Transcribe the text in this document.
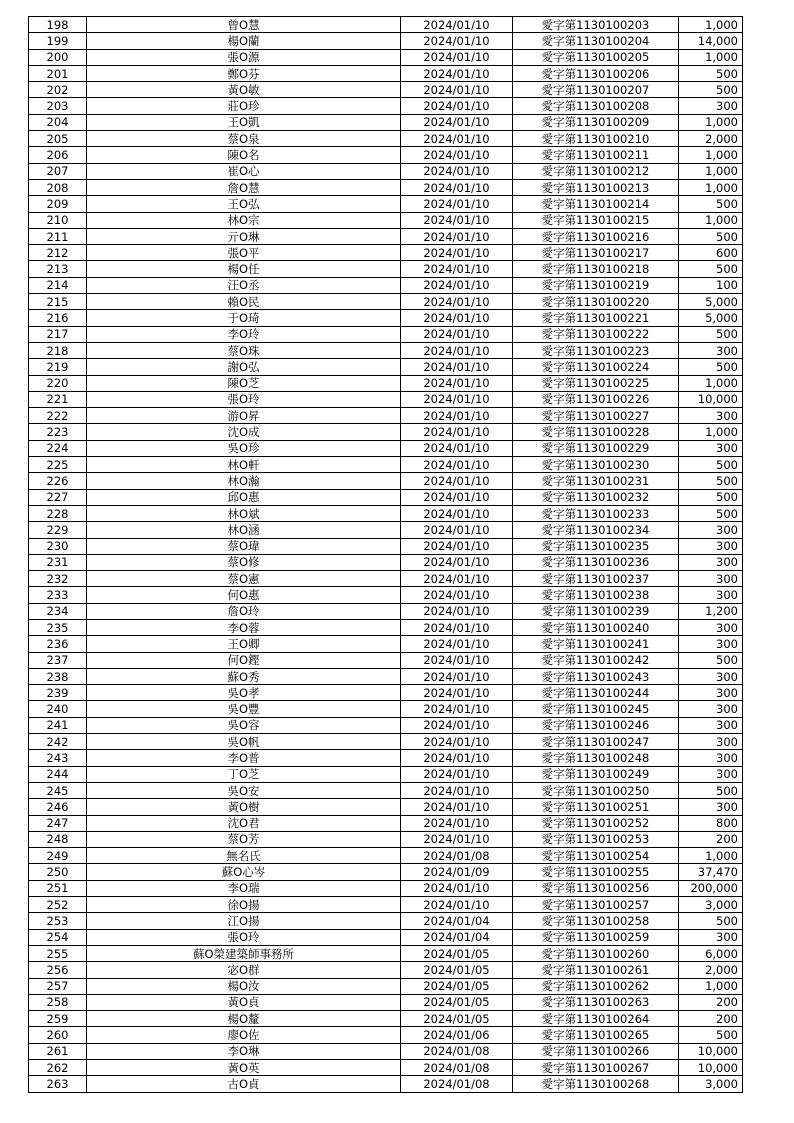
198	曾O慧	2024/01/10	愛字第1130100203	1,000
199	楊O蘭	2024/01/10	愛字第1130100204	14,000
200	張O源	2024/01/10	愛字第1130100205	1,000
201	鄭O芬	2024/01/10	愛字第1130100206	500
202	黃O敏	2024/01/10	愛字第1130100207	500
203	莊O珍	2024/01/10	愛字第1130100208	300
204	王O凱	2024/01/10	愛字第1130100209	1,000
205	蔡O泉	2024/01/10	愛字第1130100210	2,000
206	陳O名	2024/01/10	愛字第1130100211	1,000
207	崔O心	2024/01/10	愛字第1130100212	1,000
208	詹O慧	2024/01/10	愛字第1130100213	1,000
209	王O弘	2024/01/10	愛字第1130100214	500
210	林O宗	2024/01/10	愛字第1130100215	1,000
211	亓O琳	2024/01/10	愛字第1130100216	500
212	張O平	2024/01/10	愛字第1130100217	600
213	楊O任	2024/01/10	愛字第1130100218	500
214	汪O丞	2024/01/10	愛字第1130100219	100
215	賴O民	2024/01/10	愛字第1130100220	5,000
216	于O琦	2024/01/10	愛字第1130100221	5,000
217	李O玲	2024/01/10	愛字第1130100222	500
218	蔡O珠	2024/01/10	愛字第1130100223	300
219	謝O弘	2024/01/10	愛字第1130100224	500
220	陳O芝	2024/01/10	愛字第1130100225	1,000
221	張O玲	2024/01/10	愛字第1130100226	10,000
222	游O昇	2024/01/10	愛字第1130100227	300
223	沈O成	2024/01/10	愛字第1130100228	1,000
224	吳O珍	2024/01/10	愛字第1130100229	300
225	林O軒	2024/01/10	愛字第1130100230	500
226	林O瀚	2024/01/10	愛字第1130100231	500
227	邱O惠	2024/01/10	愛字第1130100232	500
228	林O斌	2024/01/10	愛字第1130100233	500
229	林O涵	2024/01/10	愛字第1130100234	300
230	蔡O瑋	2024/01/10	愛字第1130100235	300
231	蔡O修	2024/01/10	愛字第1130100236	300
232	蔡O憲	2024/01/10	愛字第1130100237	300
233	何O惠	2024/01/10	愛字第1130100238	300
234	詹O玲	2024/01/10	愛字第1130100239	1,200
235	李O蓉	2024/01/10	愛字第1130100240	300
236	王O卿	2024/01/10	愛字第1130100241	300
237	何O鏗	2024/01/10	愛字第1130100242	500
238	蘇O秀	2024/01/10	愛字第1130100243	300
239	吳O孝	2024/01/10	愛字第1130100244	300
240	吳O豐	2024/01/10	愛字第1130100245	300
241	吳O容	2024/01/10	愛字第1130100246	300
242	吳O帆	2024/01/10	愛字第1130100247	300
243	李O普	2024/01/10	愛字第1130100248	300
244	丁O芝	2024/01/10	愛字第1130100249	300
245	吳O安	2024/01/10	愛字第1130100250	500
246	黃O樹	2024/01/10	愛字第1130100251	300
247	沈O君	2024/01/10	愛字第1130100252	800
248	蔡O芳	2024/01/10	愛字第1130100253	200
249	無名氏	2024/01/08	愛字第1130100254	1,000
250	蘇O心岑	2024/01/09	愛字第1130100255	37,470
251	李O瑞	2024/01/10	愛字第1130100256	200,000
252	徐O揚	2024/01/10	愛字第1130100257	3,000
253	江O揚	2024/01/04	愛字第1130100258	500
254	張O玲	2024/01/04	愛字第1130100259	300
255	蘇O榮建築師事務所	2024/01/05	愛字第1130100260	6,000
256	宓O群	2024/01/05	愛字第1130100261	2,000
257	楊O汝	2024/01/05	愛字第1130100262	1,000
258	黃O貞	2024/01/05	愛字第1130100263	200
259	楊O釐	2024/01/05	愛字第1130100264	200
260	廖O佐	2024/01/06	愛字第1130100265	500
261	李O琳	2024/01/08	愛字第1130100266	10,000
262	黃O英	2024/01/08	愛字第1130100267	10,000
263	古O貞	2024/01/08	愛字第1130100268	3,000
